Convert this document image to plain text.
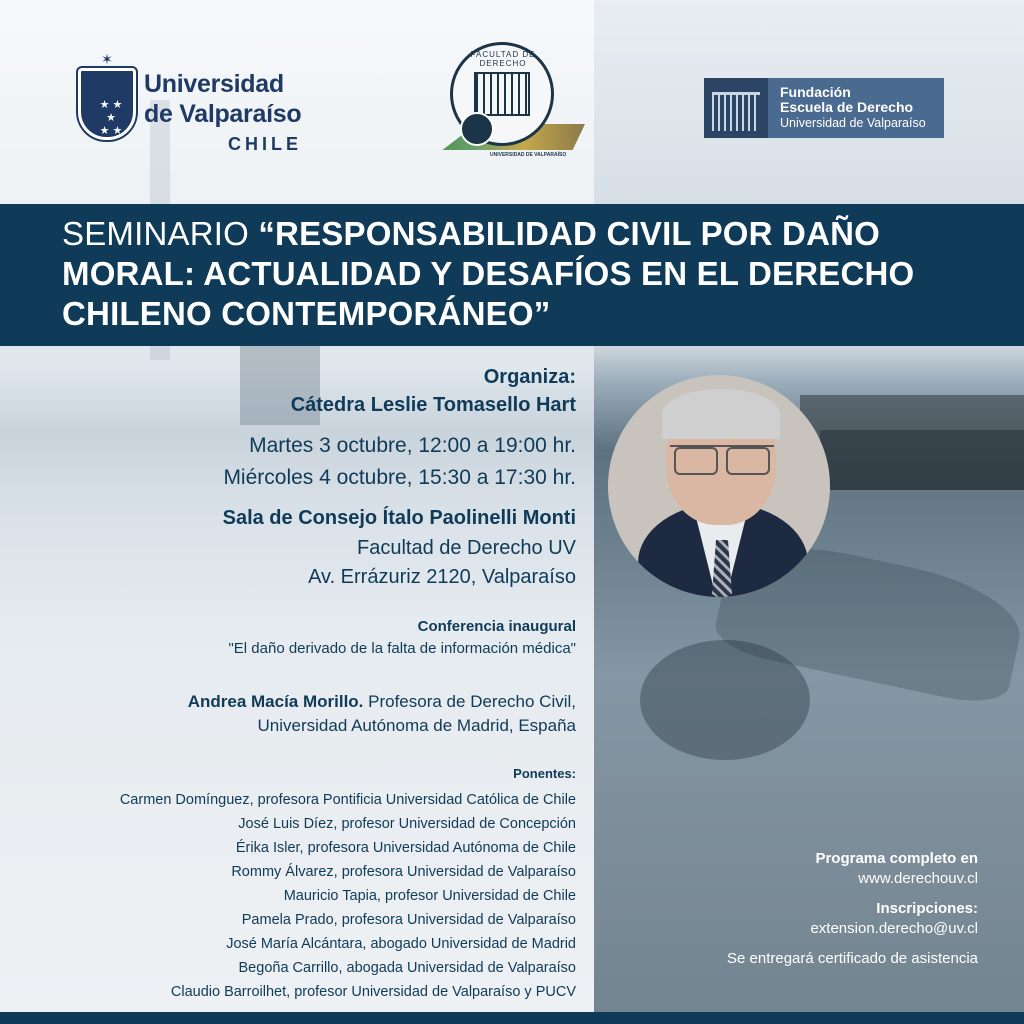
✶
★ ★
★
★ ★
Universidad
de Valparaíso
CHILE
FACULTAD DE DERECHO
UNIVERSIDAD DE VALPARAÍSO
Fundación
Escuela de Derecho
Universidad de Valparaíso
SEMINARIO “RESPONSABILIDAD CIVIL POR DAÑO MORAL: ACTUALIDAD Y DESAFÍOS EN EL DERECHO CHILENO CONTEMPORÁNEO”
Organiza:
Cátedra Leslie Tomasello Hart
Martes 3 octubre, 12:00 a 19:00 hr.
Miércoles 4 octubre, 15:30 a 17:30 hr.
Sala de Consejo Ítalo Paolinelli Monti
Facultad de Derecho UV
Av. Errázuriz 2120, Valparaíso
Conferencia inaugural
"El daño derivado de la falta de información médica"
Andrea Macía Morillo. Profesora de Derecho Civil,
Universidad Autónoma de Madrid, España
Ponentes:
Carmen Domínguez, profesora Pontificia Universidad Católica de Chile
José Luis Díez, profesor Universidad de Concepción
Érika Isler, profesora Universidad Autónoma de Chile
Rommy Álvarez, profesora Universidad de Valparaíso
Mauricio Tapia, profesor Universidad de Chile
Pamela Prado, profesora Universidad de Valparaíso
José María Alcántara, abogado Universidad de Madrid
Begoña Carrillo, abogada Universidad de Valparaíso
Claudio Barroilhet, profesor Universidad de Valparaíso y PUCV
Programa completo en
www.derechouv.cl
Inscripciones:
extension.derecho@uv.cl
Se entregará certificado de asistencia
